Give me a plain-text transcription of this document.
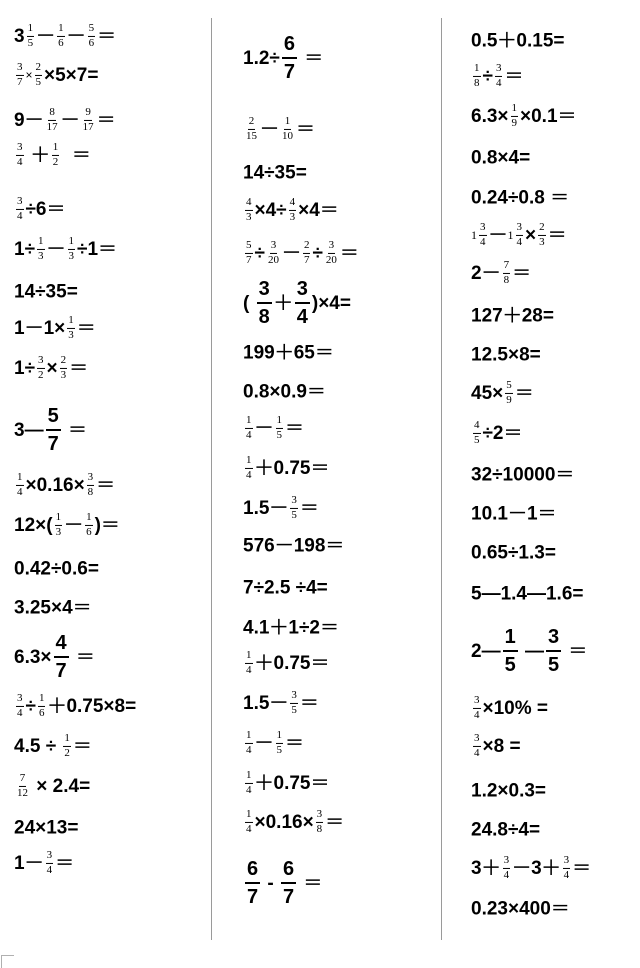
$3 \frac{1}{5} - \frac{1}{6} - \frac{5}{6}$ ＝
$\frac{3}{7} \times \frac{2}{5} \times 5\times 7=$
$9- \frac{8}{17} - \frac{9}{17}$ ＝
$\frac{3}{4} + \frac{1}{2}$ ＝
$\frac{3}{4} \div 6=$
$1\div \frac{1}{3} - \frac{1}{3} \div 1=$
14÷35=
$1-1\times \frac{1}{3}$ ＝
$1\div \frac{3}{2} \times \frac{2}{3}$ ＝
3— $\frac{5}{7}$ ＝
$\frac{1}{4} \times 0.16\times \frac{3}{8}$ ＝
$12\times( \frac{1}{3} - \frac{1}{6}$ )＝
0.42÷0.6=
3.25×4＝
$6.3\times \frac{4}{7}$ ＝
$\frac{3}{4} \div \frac{1}{6} +0.75\times 8=$
$4.5 \div \frac{1}{2}$ ＝
$\frac{7}{12} \times 2.4=$
24×13=
$1- \frac{3}{4}$ ＝
$1.2\div \frac{6}{7}$ ＝
$\frac{2}{15} - \frac{1}{10}$ ＝
14÷35=
$\frac{4}{3} \times 4\div \frac{4}{3} \times 4=$
$\frac{5}{7} \div \frac{3}{20} - \frac{2}{7} \div \frac{3}{20}$ ＝
( $\frac{3}{8} + \frac{3}{4} )\times 4=$
199＋65＝
0.8×0.9＝
$\frac{1}{4} - \frac{1}{5}$ ＝
$\frac{1}{4} +0.75=$
$1.5- \frac{3}{5}$ ＝
576－198＝
7÷2.5 ÷4=
4.1＋1÷2＝
$\frac{1}{4} +0.75=$
$1.5- \frac{3}{5}$ ＝
$\frac{1}{4} - \frac{1}{5}$ ＝
$\frac{1}{4} +0.75=$
$\frac{1}{4} \times 0.16\times \frac{3}{8}$ ＝
$\frac{6}{7} - \frac{6}{7}$ ＝
0.5＋0.15=
$\frac{1}{8} \div \frac{3}{4}$ ＝
$6.3\times \frac{1}{9} \times 0.1=$
0.8×4=
0.24÷0.8 ＝
$1 \frac{3}{4} - 1 \frac{3}{4} \times \frac{2}{3}$ ＝
$2- \frac{7}{8}$ ＝
127＋28=
12.5×8=
$45\times \frac{5}{9}$ ＝
$\frac{4}{5} \div 2=$
32÷10000＝
10.1－1＝
0.65÷1.3=
5—1.4—1.6=
2— $\frac{1}{5}$ — $\frac{3}{5}$ ＝
$\frac{3}{4} \times 10\%$ =
$\frac{3}{4} \times 8$ =
1.2×0.3=
24.8÷4=
$3+ \frac{3}{4} -3+ \frac{3}{4}$ ＝
0.23×400＝
